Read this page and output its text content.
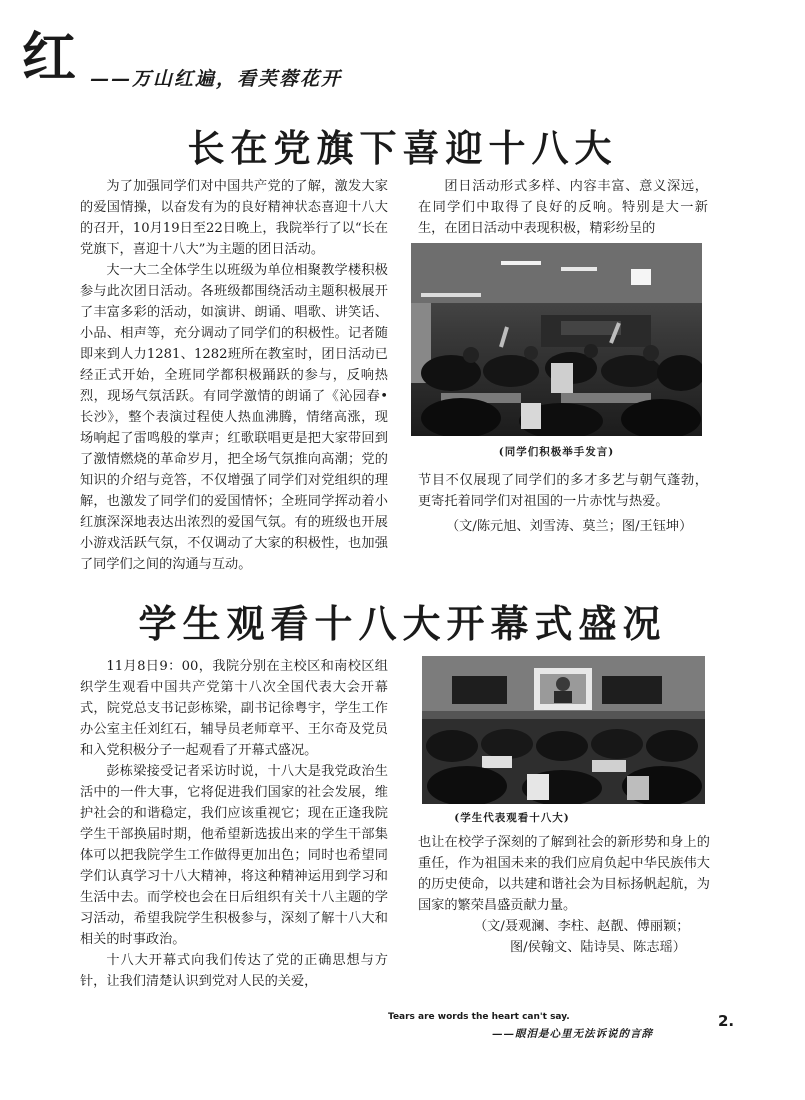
红 ——万山红遍，看芙蓉花开
长在党旗下喜迎十八大

为了加强同学们对中国共产党的了解，激发大家的爱国情操，以奋发有为的良好精神状态喜迎十八大的召开，10月19日至22日晚上，我院举行了以“长在党旗下，喜迎十八大”为主题的团日活动。

大一大二全体学生以班级为单位相聚教学楼积极参与此次团日活动。各班级都围绕活动主题积极展开了丰富多彩的活动，如演讲、朗诵、唱歌、讲笑话、小品、相声等，充分调动了同学们的积极性。记者随即来到人力1281、1282班所在教室时，团日活动已经正式开始，全班同学都积极踊跃的参与，反响热烈，现场气氛活跃。有同学激情的朗诵了《沁园春•长沙》，整个表演过程使人热血沸腾，情绪高涨，现场响起了雷鸣般的掌声；红歌联唱更是把大家带回到了激情燃烧的革命岁月，把全场气氛推向高潮；党的知识的介绍与竞答，不仅增强了同学们对党组织的理解，也激发了同学们的爱国情怀；全班同学挥动着小红旗深深地表达出浓烈的爱国气氛。有的班级也开展小游戏活跃气氛，不仅调动了大家的积极性，也加强了同学们之间的沟通与互动。

团日活动形式多样、内容丰富、意义深远，在同学们中取得了良好的反响。特别是大一新生，在团日活动中表现积极，精彩纷呈的

(同学们积极举手发言)

节目不仅展现了同学们的多才多艺与朝气蓬勃，更寄托着同学们对祖国的一片赤忱与热爱。

（文/陈元旭、刘雪涛、莫兰；图/王钰坤）

学生观看十八大开幕式盛况

11月8日9：00，我院分别在主校区和南校区组织学生观看中国共产党第十八次全国代表大会开幕式，院党总支书记彭栋梁，副书记徐粤宇，学生工作办公室主任刘红石，辅导员老师章平、王尔奇及党员和入党积极分子一起观看了开幕式盛况。

彭栋梁接受记者采访时说，十八大是我党政治生活中的一件大事，它将促进我们国家的社会发展，维护社会的和谐稳定，我们应该重视它；现在正逢我院学生干部换届时期，他希望新选拔出来的学生干部集体可以把我院学生工作做得更加出色；同时也希望同学们认真学习十八大精神，将这种精神运用到学习和生活中去。而学校也会在日后组织有关十八主题的学习活动，希望我院学生积极参与，深刻了解十八大和相关的时事政治。

十八大开幕式向我们传达了党的正确思想与方针，让我们清楚认识到党对人民的关爱，

(学生代表观看十八大)

也让在校学子深刻的了解到社会的新形势和身上的重任，作为祖国未来的我们应肩负起中华民族伟大的历史使命，以共建和谐社会为目标扬帆起航，为国家的繁荣昌盛贡献力量。

（文/聂观澜、李柱、赵靓、傅丽颖；

图/侯翰文、陆诗昊、陈志瑶）

Tears are words the heart can't say.
——眼泪是心里无法诉说的言辞
2.
